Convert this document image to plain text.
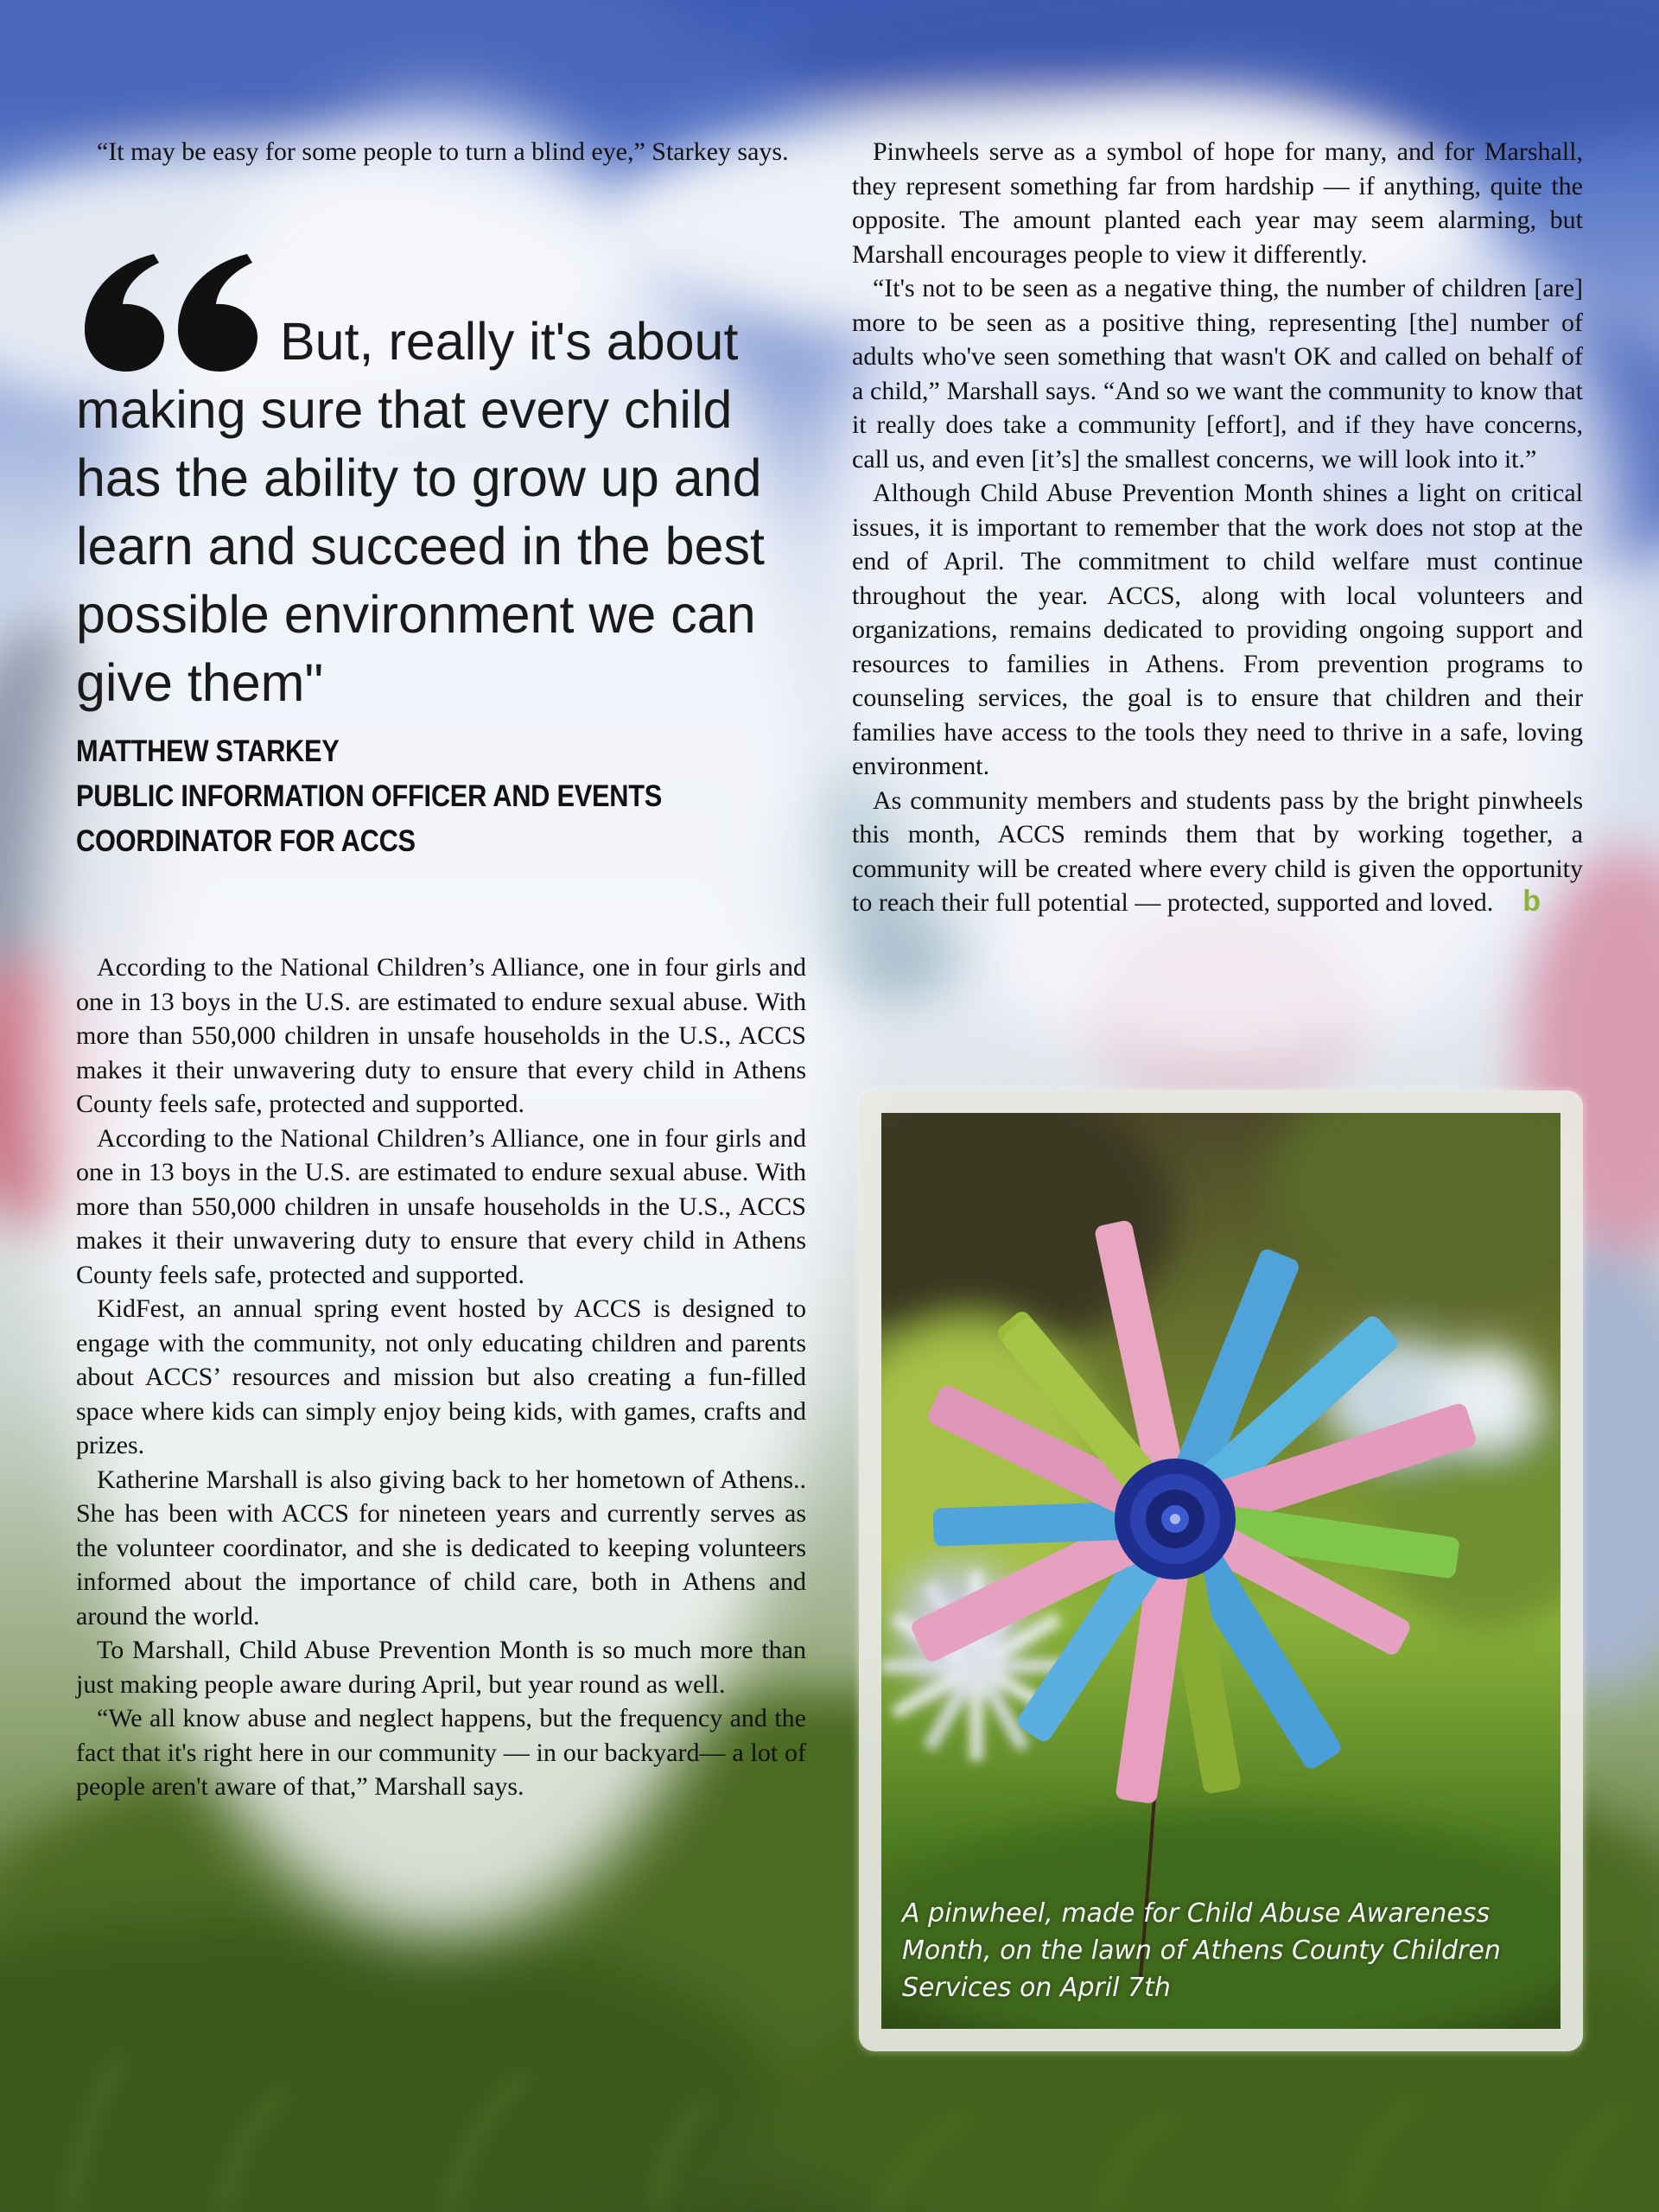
“It may be easy for some people to turn a blind eye,” Starkey says.

But, really it's about making sure that every child has the ability to grow up and learn and succeed in the best possible environment we can give them"

MATTHEW STARKEY
PUBLIC INFORMATION OFFICER AND EVENTS
COORDINATOR FOR ACCS

According to the National Children’s Alliance, one in four girls and one in 13 boys in the U.S. are estimated to endure sexual abuse. With more than 550,000 children in unsafe households in the U.S., ACCS makes it their unwavering duty to ensure that every child in Athens County feels safe, protected and supported.

According to the National Children’s Alliance, one in four girls and one in 13 boys in the U.S. are estimated to endure sexual abuse. With more than 550,000 children in unsafe households in the U.S., ACCS makes it their unwavering duty to ensure that every child in Athens County feels safe, protected and supported.

KidFest, an annual spring event hosted by ACCS is designed to engage with the community, not only educating children and parents about ACCS’ resources and mission but also creating a fun-filled space where kids can simply enjoy being kids, with games, crafts and prizes.

Katherine Marshall is also giving back to her hometown of Athens.. She has been with ACCS for nineteen years and currently serves as the volunteer coordinator, and she is dedicated to keeping volunteers informed about the importance of child care, both in Athens and around the world.

To Marshall, Child Abuse Prevention Month is so much more than just making people aware during April, but year round as well.

“We all know abuse and neglect happens, but the frequency and the fact that it's right here in our community — in our backyard— a lot of people aren't aware of that,” Marshall says.

Pinwheels serve as a symbol of hope for many, and for Marshall, they represent something far from hardship — if anything, quite the opposite. The amount planted each year may seem alarming, but Marshall encourages people to view it differently.

“It's not to be seen as a negative thing, the number of children [are] more to be seen as a positive thing, representing [the] number of adults who've seen something that wasn't OK and called on behalf of a child,” Marshall says. “And so we want the community to know that it really does take a community [effort], and if they have concerns, call us, and even [it’s] the smallest concerns, we will look into it.”

Although Child Abuse Prevention Month shines a light on critical issues, it is important to remember that the work does not stop at the end of April. The commitment to child welfare must continue throughout the year. ACCS, along with local volunteers and organizations, remains dedicated to providing ongoing support and resources to families in Athens. From prevention programs to counseling services, the goal is to ensure that children and their families have access to the tools they need to thrive in a safe, loving environment.

As community members and students pass by the bright pinwheels this month, ACCS reminds them that by working together, a community will be created where every child is given the opportunity to reach their full potential — protected, supported and loved. b

A pinwheel, made for Child Abuse Awareness Month, on the lawn of Athens County Children Services on April 7th
